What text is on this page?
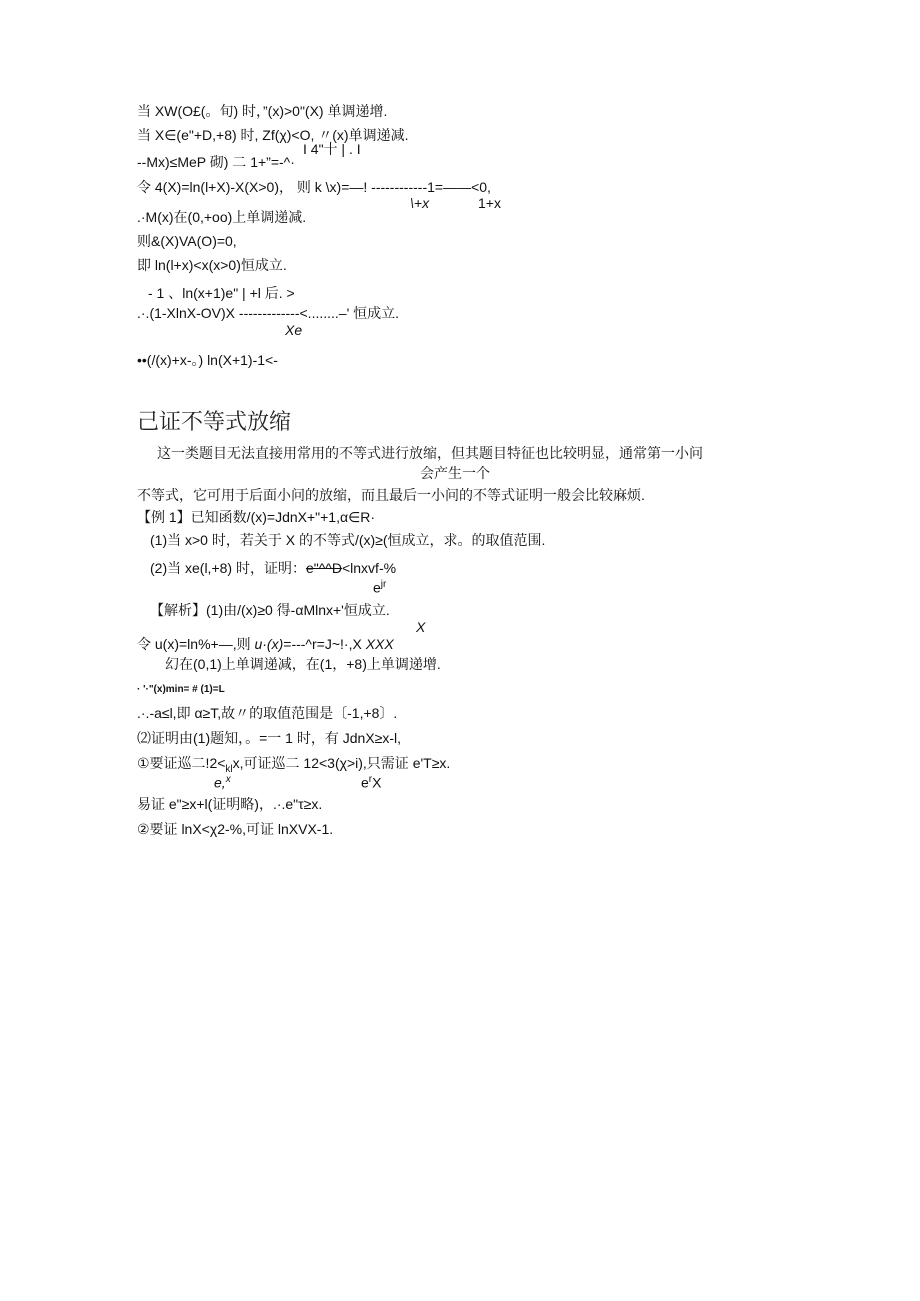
当 XW(O£(。旬) 时，”(x)>0"(X) 单调递增.
当 X∈(e"+D,+8) 时, Zf(χ)<O, 〃(x)单调递减.
I 4"十 | . I
--Mx)≤MeP 砌) 二 1+”=-^·
令 4(X)=ln(l+X)-X(X>0)， 则 k \x)=—! ------------1=——<0,
\+x	1+x
.·M(x)在(0,+oo)上单调递减.
则&(X)VA(O)=0,
即 ln(l+x)<x(x>0)恒成立.
- 1 、ln(x+1)e" | +l 后. >
.·.(1-XlnX-OV)X -------------<........–' 恒成立.
Xe
••(/(x)+x-。) ln(X+1)-1<-
己证不等式放缩
这一类题目无法直接用常用的不等式进行放缩，但其题目特征也比较明显，通常第一小问
会产生一个
不等式，它可用于后面小问的放缩，而且最后一小问的不等式证明一般会比较麻烦.
【例 1】已知函数/(x)=JdnX+"+1,α∈R·
(1)当 x>0 时，若关于 X 的不等式/(x)≥(恒成立，求。的取值范围.
(2)当 xe(l,+8) 时，证明：e"^^D<lnxvf-%
$e^{jr}$
【解析】(1)由/(x)≥0 得-αMlnx+'恒成立.
X
令 u(x)=ln%+—,则 u·(x)=---^r=J~!·,X XXX
幻在(0,1)上单调递减，在(1，+8)上单调递增.
· '·"(x)min= # (1)=L
.·.-a≤l,即 α≥T,故〃的取值范围是〔-1,+8〕.
⑵证明由(1)题知，。=一 1 时，有 JdnX≥x-l,
①要证巡二$!2<_{kl}x$,可证巡二 12<3(χ>i),只需证 e'T≥x.
e,$^x$	$e^rX$
易证 e"≥x+l(证明略)，.·.e"τ≥x.
②要证 lnX<χ2-%,可证 lnXVX-1.
